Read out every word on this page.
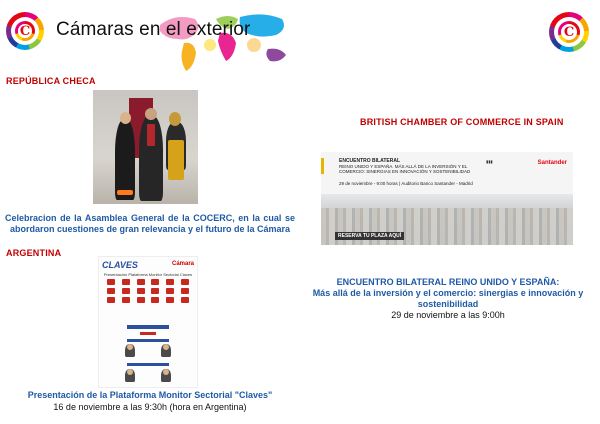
C	Cámaras en el exterior	C
REPÚBLICA CHECA
Celebracion de la Asamblea General de la COCERC, en la cual se abordaron cuestiones de gran relevancia y el futuro de la Cámara
ARGENTINA
CLAVES	Cámara
Presentación Plataforma Monitor Sectorial Claves
Presentación de la Plataforma Monitor Sectorial "Claves"
16 de noviembre a las 9:30h (hora en Argentina)
BRITISH CHAMBER OF COMMERCE IN SPAIN
ENCUENTRO BILATERAL
REINO UNIDO Y ESPAÑA. MÁS ALLÁ DE LA INVERSIÓN Y EL COMERCIO: SINERGIAS EN INNOVACIÓN Y SOSTENIBILIDAD
29 de noviembre - 9:00 horas | Auditorio Banco Santander - Madrid
▮▮▮	Santander
RESERVA TU PLAZA AQUÍ
ENCUENTRO BILATERAL REINO UNIDO Y ESPAÑA:
Más allá de la inversión y el comercio: sinergias e innovación y sostenibilidad
29 de noviembre a las 9:00h
